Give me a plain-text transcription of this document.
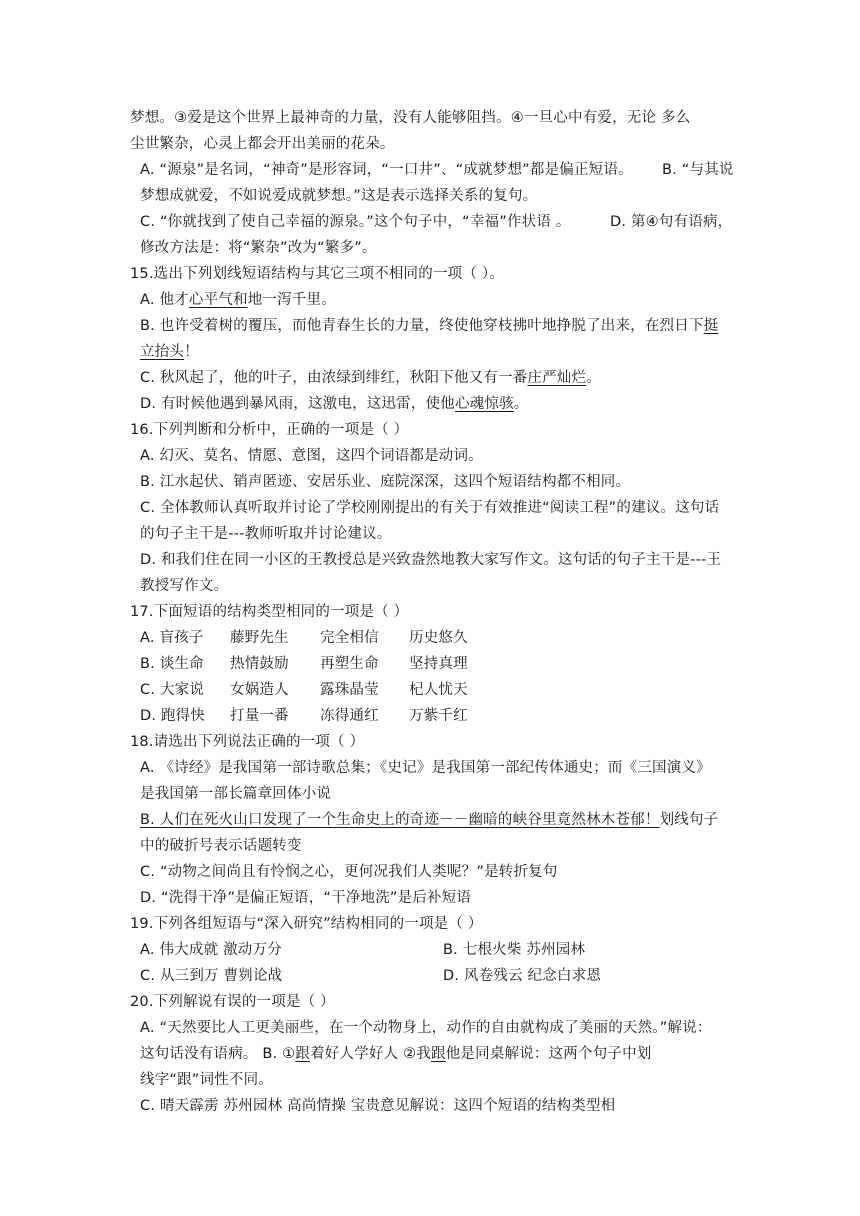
梦想。③爱是这个世界上最神奇的力量，没有人能够阻挡。④一旦心中有爱，无论 多么
尘世繁杂，心灵上都会开出美丽的花朵。
A. “源泉”是名词，“神奇”是形容词，“一口井”、“成就梦想”都是偏正短语。 B. “与其说
梦想成就爱，不如说爱成就梦想。”这是表示选择关系的复句。
C. “你就找到了使自己幸福的源泉。”这个句子中，“幸福”作状语 。	D. 第④句有语病，
修改方法是：将“繁杂”改为“繁多”。
15.选出下列划线短语结构与其它三项不相同的一项（ ）。
A. 他才心平气和地一泻千里。
B. 也许受着树的覆压，而他青春生长的力量，终使他穿枝拂叶地挣脱了出来，在烈日下挺
立抬头！
C. 秋风起了，他的叶子，由浓绿到绯红，秋阳下他又有一番庄严灿烂。
D. 有时候他遇到暴风雨，这激电，这迅雷，使他心魂惊骇。
16.下列判断和分析中，正确的一项是（ ）
A. 幻灭、莫名、情愿、意图，这四个词语都是动词。
B. 江水起伏、销声匿迹、安居乐业、庭院深深，这四个短语结构都不相同。
C. 全体教师认真听取并讨论了学校刚刚提出的有关于有效推进“阅读工程”的建议。这句话
的句子主干是---教师听取并讨论建议。
D. 和我们住在同一小区的王教授总是兴致盎然地教大家写作文。这句话的句子主干是---王
教授写作文。
17.下面短语的结构类型相同的一项是（ ）
A. 盲孩子 藤野先生 完全相信 历史悠久
B. 谈生命 热情鼓励 再塑生命 坚持真理
C. 大家说 女娲造人 露珠晶莹 杞人忧天
D. 跑得快 打量一番 冻得通红 万紫千红
18.请选出下列说法正确的一项（ ）
A. 《诗经》是我国第一部诗歌总集；《史记》是我国第一部纪传体通史；而《三国演义》
是我国第一部长篇章回体小说
B. 人们在死火山口发现了一个生命史上的奇迹－－幽暗的峡谷里竟然林木苍郁！划线句子
中的破折号表示话题转变
C. “动物之间尚且有怜悯之心，更何况我们人类呢？”是转折复句
D. “洗得干净”是偏正短语，“干净地洗”是后补短语
19.下列各组短语与“深入研究”结构相同的一项是（ ）
A. 伟大成就 激动万分	B. 七根火柴 苏州园林
C. 从三到万 曹刿论战	D. 风卷残云 纪念白求恩
20.下列解说有误的一项是（ ）
A. “天然要比人工更美丽些，在一个动物身上，动作的自由就构成了美丽的天然。”解说：
这句话没有语病。 B. ①跟着好人学好人 ②我跟他是同桌解说：这两个句子中划
线字“跟”词性不同。
C. 晴天霹雳 苏州园林 高尚情操 宝贵意见解说：这四个短语的结构类型相
